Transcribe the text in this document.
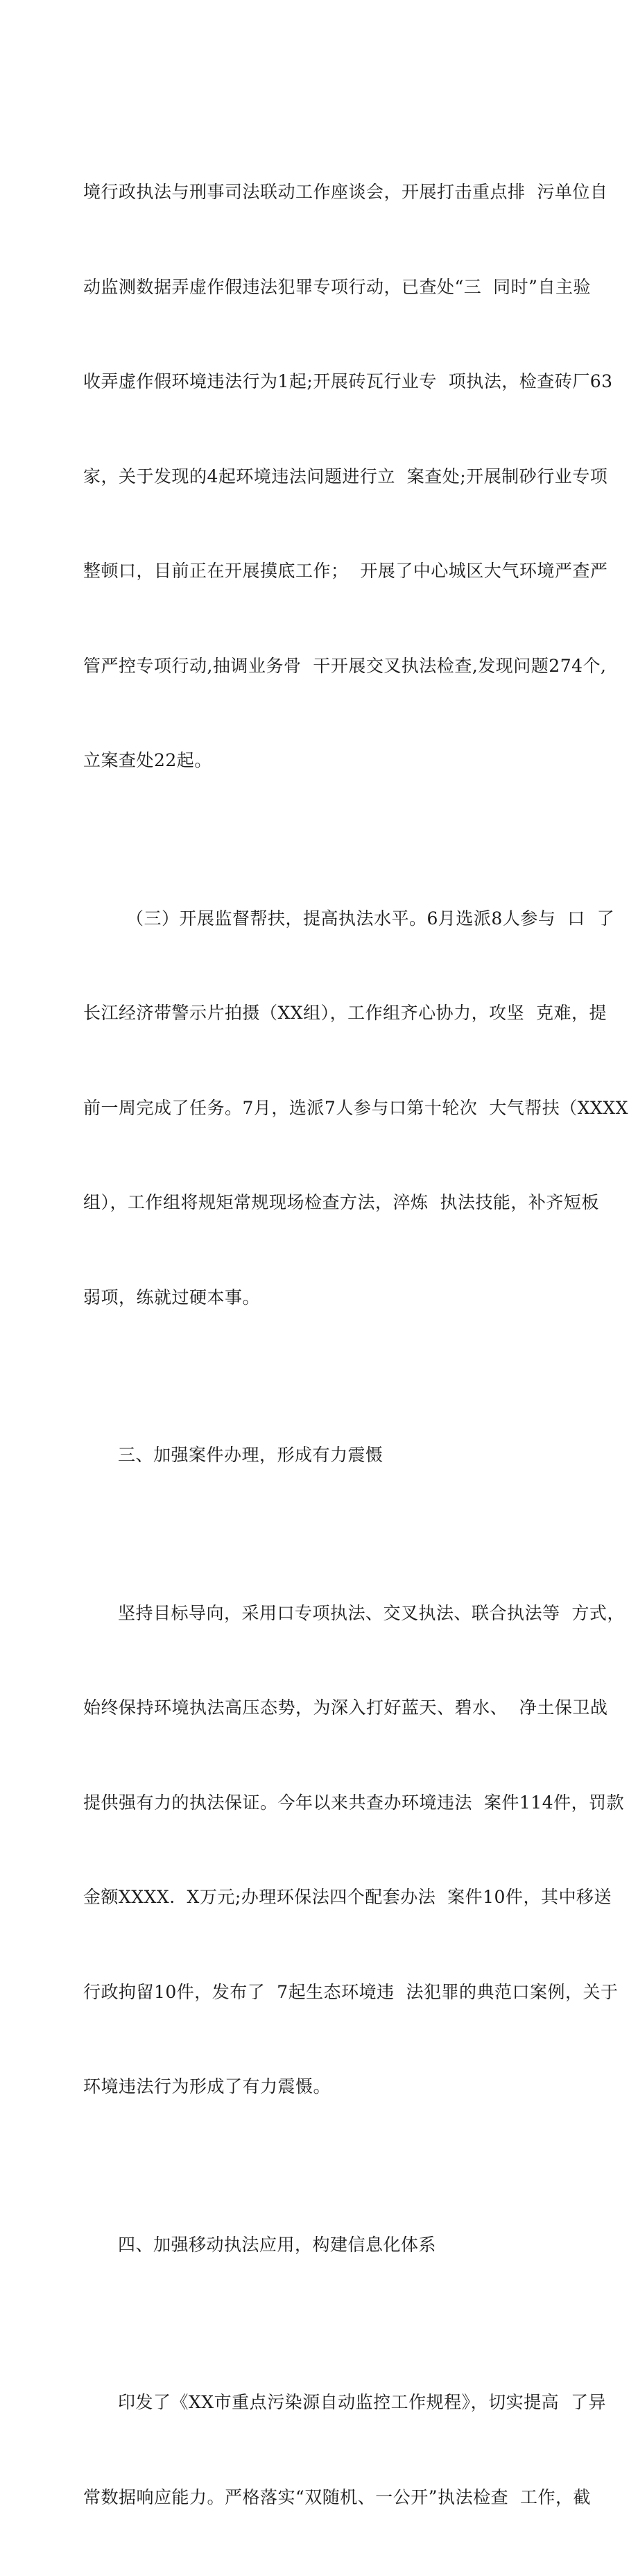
境行政执法与刑事司法联动工作座谈会，开展打击重点排  污单位自

动监测数据弄虚作假违法犯罪专项行动，已查处“三  同时”自主验

收弄虚作假环境违法行为1起;开展砖瓦行业专  项执法，检查砖厂63

家，关于发现的4起环境违法问题进行立  案查处;开展制砂行业专项

整顿口，目前正在开展摸底工作；  开展了中心城区大气环境严查严

管严控专项行动,抽调业务骨  干开展交叉执法检查,发现问题274个,

立案查处22起。

（三）开展监督帮扶，提高执法水平。6月选派8人参与  口  了

长江经济带警示片拍摄（XX组），工作组齐心协力，攻坚  克难，提

前一周完成了任务。7月，选派7人参与口第十轮次  大气帮扶（XXXX

组），工作组将规矩常规现场检查方法，淬炼  执法技能，补齐短板

弱项，练就过硬本事。

三、加强案件办理，形成有力震慑

坚持目标导向，采用口专项执法、交叉执法、联合执法等  方式，

始终保持环境执法高压态势，为深入打好蓝天、碧水、  净土保卫战

提供强有力的执法保证。今年以来共查办环境违法  案件114件，罚款

金额XXXX.  X万元;办理环保法四个配套办法  案件10件，其中移送

行政拘留10件，发布了  7起生态环境违  法犯罪的典范口案例，关于

环境违法行为形成了有力震慑。

四、加强移动执法应用，构建信息化体系

印发了《XX市重点污染源自动监控工作规程》，切实提高  了异

常数据响应能力。严格落实“双随机、一公开”执法检查  工作，截
